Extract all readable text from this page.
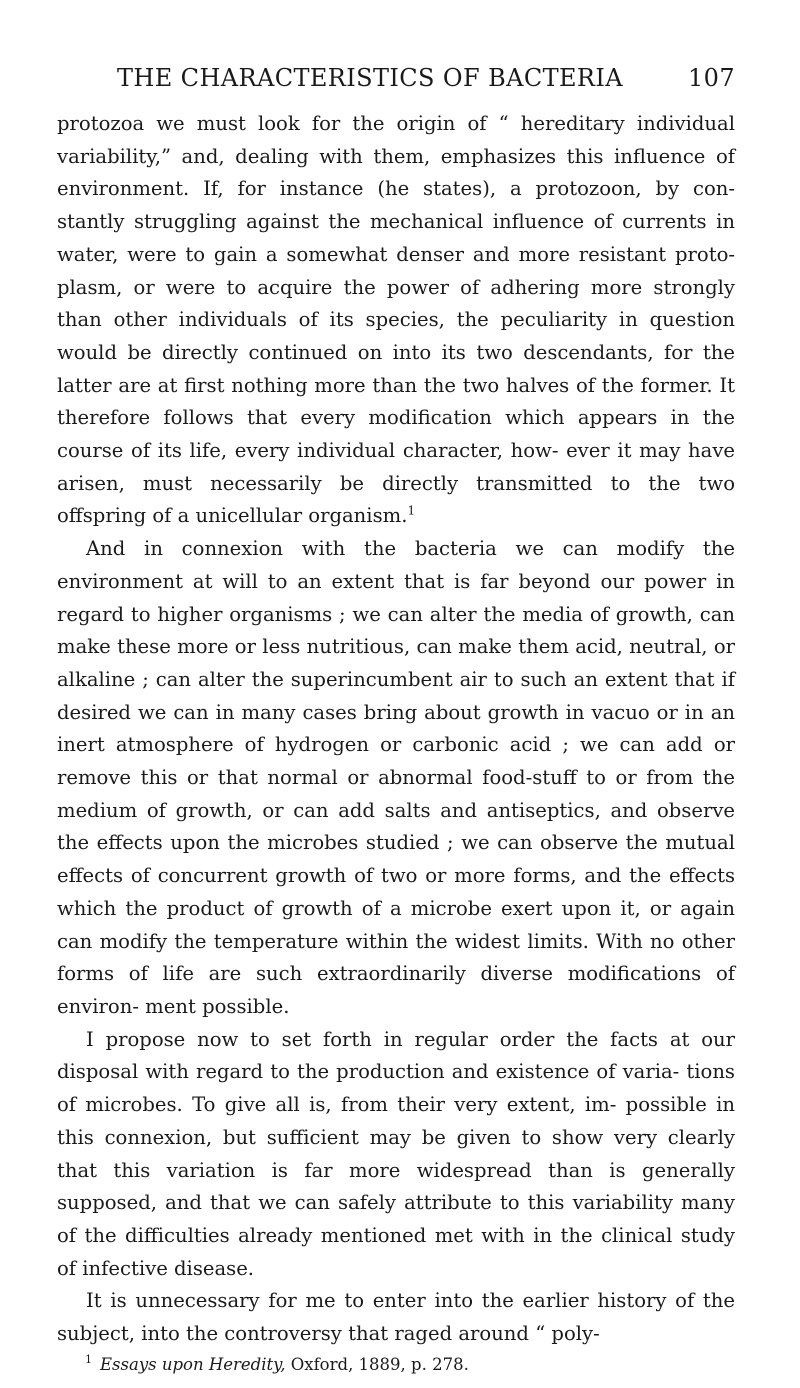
THE CHARACTERISTICS OF BACTERIA	107

protozoa we must look for the origin of “ hereditary individual variability,” and, dealing with them, emphasizes this influence of environment. If, for instance (he states), a protozoon, by con- stantly struggling against the mechanical influence of currents in water, were to gain a somewhat denser and more resistant proto- plasm, or were to acquire the power of adhering more strongly than other individuals of its species, the peculiarity in question would be directly continued on into its two descendants, for the latter are at first nothing more than the two halves of the former. It therefore follows that every modification which appears in the course of its life, every individual character, how- ever it may have arisen, must necessarily be directly transmitted to the two offspring of a unicellular organism.$^1$

And in connexion with the bacteria we can modify the environment at will to an extent that is far beyond our power in regard to higher organisms ; we can alter the media of growth, can make these more or less nutritious, can make them acid, neutral, or alkaline ; can alter the superincumbent air to such an extent that if desired we can in many cases bring about growth in vacuo or in an inert atmosphere of hydrogen or carbonic acid ; we can add or remove this or that normal or abnormal food-stuff to or from the medium of growth, or can add salts and antiseptics, and observe the effects upon the microbes studied ; we can observe the mutual effects of concurrent growth of two or more forms, and the effects which the product of growth of a microbe exert upon it, or again can modify the temperature within the widest limits. With no other forms of life are such extraordinarily diverse modifications of environ- ment possible.

I propose now to set forth in regular order the facts at our disposal with regard to the production and existence of varia- tions of microbes. To give all is, from their very extent, im- possible in this connexion, but sufficient may be given to show very clearly that this variation is far more widespread than is generally supposed, and that we can safely attribute to this variability many of the difficulties already mentioned met with in the clinical study of infective disease.

It is unnecessary for me to enter into the earlier history of the subject, into the controversy that raged around “ poly-

$^1$ Essays upon Heredity, Oxford, 1889, p. 278.
